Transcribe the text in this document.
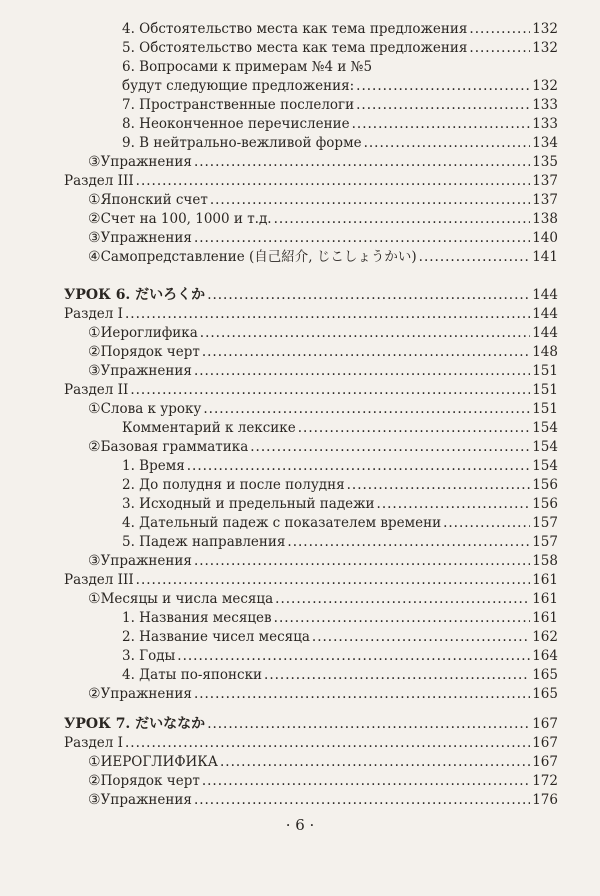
4. Обстоятельство места как тема предложения .....	132
5. Обстоятельство места как тема предложения .....	132
6. Вопросами к примерам №4 и №5
будут следующие предложения: .....	132
7. Пространственные послелоги .....	133
8. Неоконченное перечисление .....	133
9. В нейтрально-вежливой форме .....	134
③ Упражнения .....	135
Раздел III .....	137
① Японский счет .....	137
② Счет на 100, 1000 и т.д. .....	138
③ Упражнения .....	140
④ Самопредставление (自己紹介, じこしょうかい) .....	141
УРОК 6. だいろくか .....	144
Раздел I .....	144
① Иероглифика .....	144
② Порядок черт .....	148
③ Упражнения .....	151
Раздел II .....	151
① Слова к уроку .....	151
Комментарий к лексике .....	154
② Базовая грамматика .....	154
1. Время .....	154
2. До полудня и после полудня .....	156
3. Исходный и предельный падежи .....	156
4. Дательный падеж с показателем времени .....	157
5. Падеж направления .....	157
③ Упражнения .....	158
Раздел III .....	161
① Месяцы и числа месяца .....	161
1. Названия месяцев .....	161
2. Название чисел месяца .....	162
3. Годы .....	164
4. Даты по-японски .....	165
② Упражнения .....	165
УРОК 7. だいななか .....	167
Раздел I .....	167
① ИЕРОГЛИФИКА .....	167
② Порядок черт .....	172
③ Упражнения .....	176
· 6 ·
